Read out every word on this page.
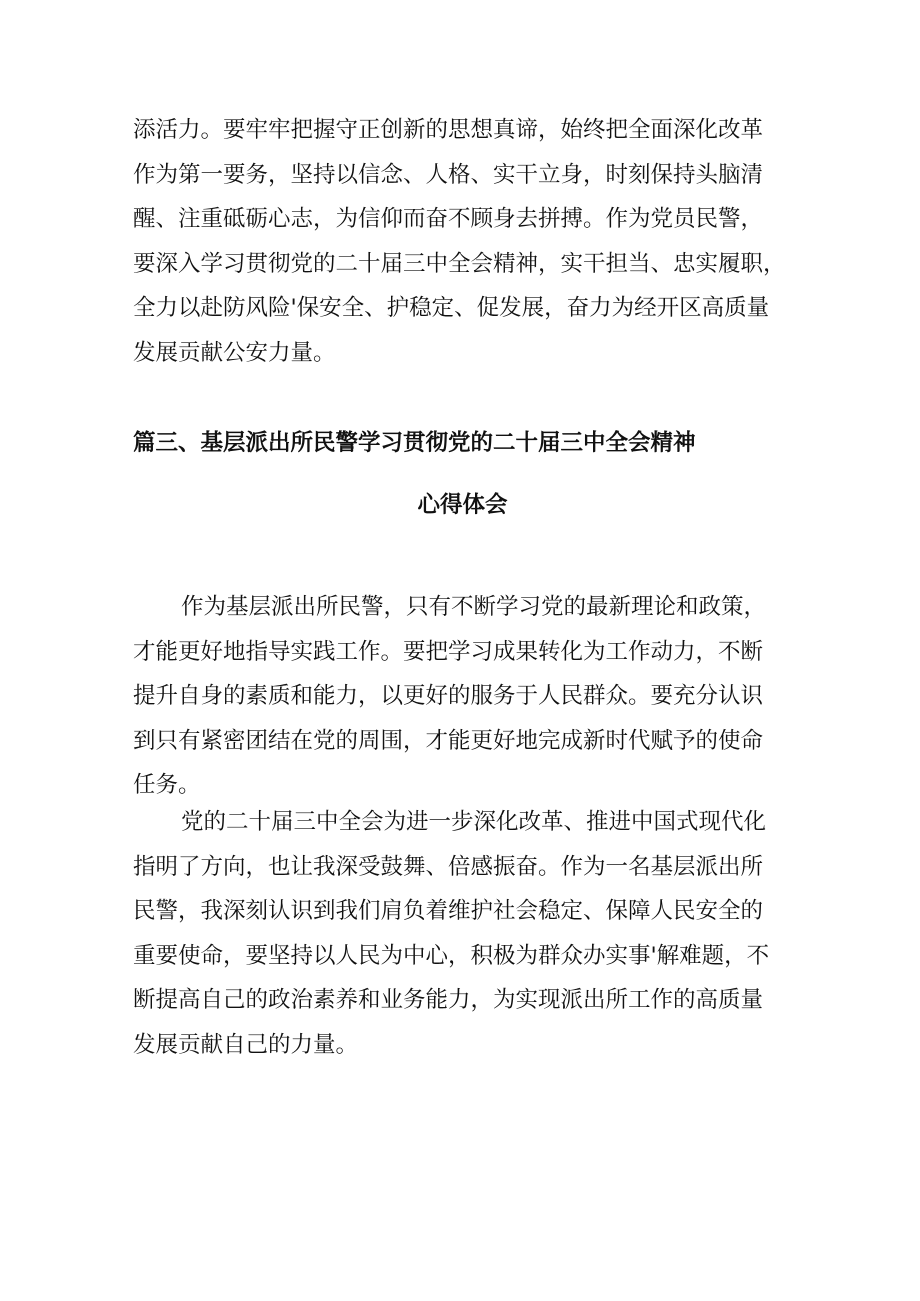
添活力。要牢牢把握守正创新的思想真谛，始终把全面深化改革

作为第一要务，坚持以信念、人格、实干立身，时刻保持头脑清

醒、注重砥砺心志，为信仰而奋不顾身去拼搏。作为党员民警，

要深入学习贯彻党的二十届三中全会精神，实干担当、忠实履职，

全力以赴防风险'保安全、护稳定、促发展，奋力为经开区高质量

发展贡献公安力量。

篇三、基层派出所民警学习贯彻党的二十届三中全会精神
心得体会

作为基层派出所民警，只有不断学习党的最新理论和政策，

才能更好地指导实践工作。要把学习成果转化为工作动力，不断

提升自身的素质和能力，以更好的服务于人民群众。要充分认识

到只有紧密团结在党的周围，才能更好地完成新时代赋予的使命

任务。

党的二十届三中全会为进一步深化改革、推进中国式现代化

指明了方向，也让我深受鼓舞、倍感振奋。作为一名基层派出所

民警，我深刻认识到我们肩负着维护社会稳定、保障人民安全的

重要使命，要坚持以人民为中心，积极为群众办实事'解难题，不

断提高自己的政治素养和业务能力，为实现派出所工作的高质量

发展贡献自己的力量。
